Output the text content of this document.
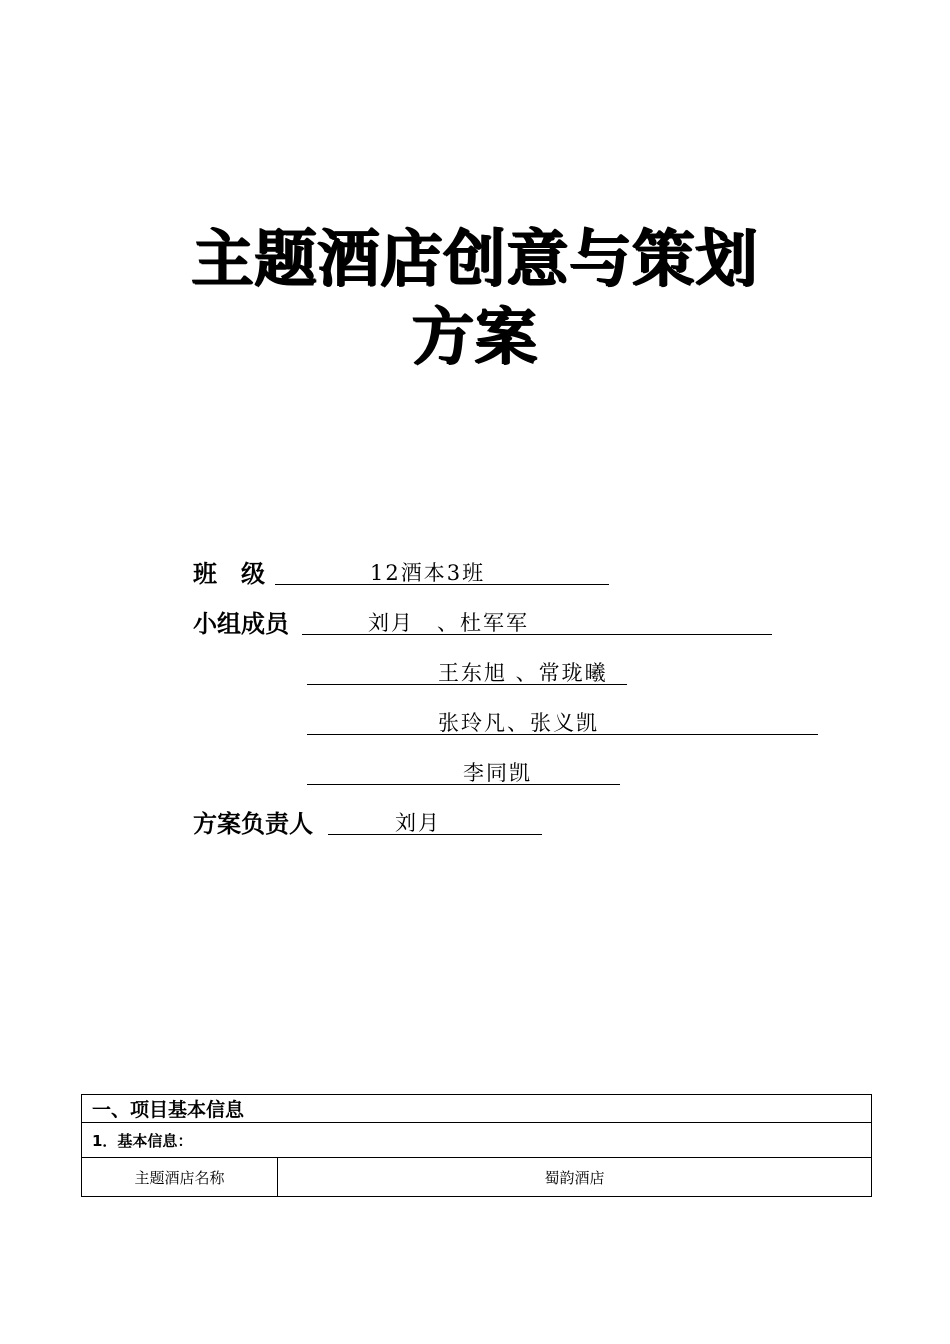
主题酒店创意与策划
方案
班　级	12酒本3班
小组成员	刘月　、杜军军
王东旭 、常珑曦
张玲凡、张义凯
李同凯
方案负责人	刘月
一、项目基本信息
1．基本信息：
主题酒店名称	蜀韵酒店
